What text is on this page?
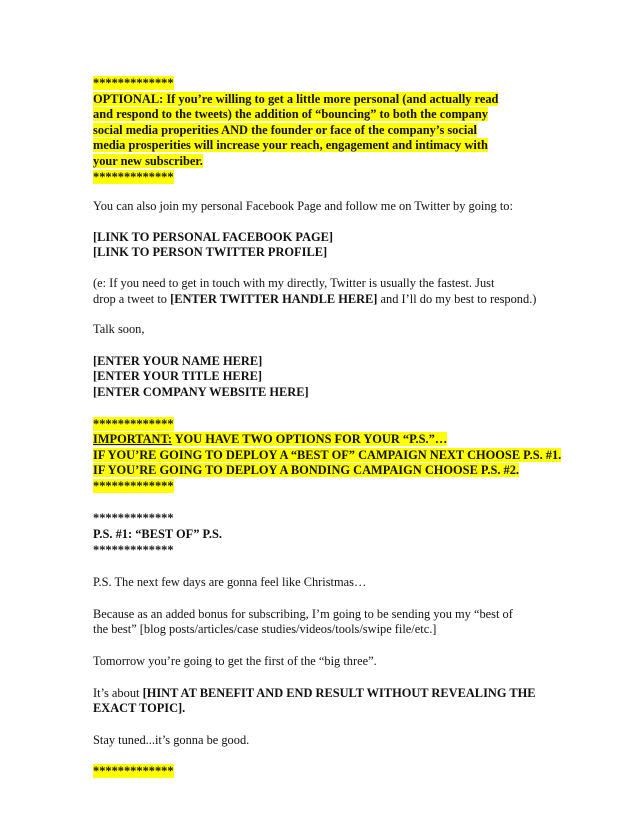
*************
OPTIONAL: If you’re willing to get a little more personal (and actually read
and respond to the tweets) the addition of “bouncing” to both the company
social media properities AND the founder or face of the company’s social
media prosperities will increase your reach, engagement and intimacy with
your new subscriber.
*************
You can also join my personal Facebook Page and follow me on Twitter by going to:
[LINK TO PERSONAL FACEBOOK PAGE]
[LINK TO PERSON TWITTER PROFILE]
(e: If you need to get in touch with my directly, Twitter is usually the fastest. Just
drop a tweet to [ENTER TWITTER HANDLE HERE] and I’ll do my best to respond.)
Talk soon,
[ENTER YOUR NAME HERE]
[ENTER YOUR TITLE HERE]
[ENTER COMPANY WEBSITE HERE]
*************
IMPORTANT: YOU HAVE TWO OPTIONS FOR YOUR “P.S.”…
IF YOU’RE GOING TO DEPLOY A “BEST OF” CAMPAIGN NEXT CHOOSE P.S. #1.
IF YOU’RE GOING TO DEPLOY A BONDING CAMPAIGN CHOOSE P.S. #2.
*************
*************
P.S. #1: “BEST OF” P.S.
*************
P.S. The next few days are gonna feel like Christmas…
Because as an added bonus for subscribing, I’m going to be sending you my “best of
the best” [blog posts/articles/case studies/videos/tools/swipe file/etc.]
Tomorrow you’re going to get the first of the “big three”.
It’s about [HINT AT BENEFIT AND END RESULT WITHOUT REVEALING THE
EXACT TOPIC].
Stay tuned...it’s gonna be good.
*************
